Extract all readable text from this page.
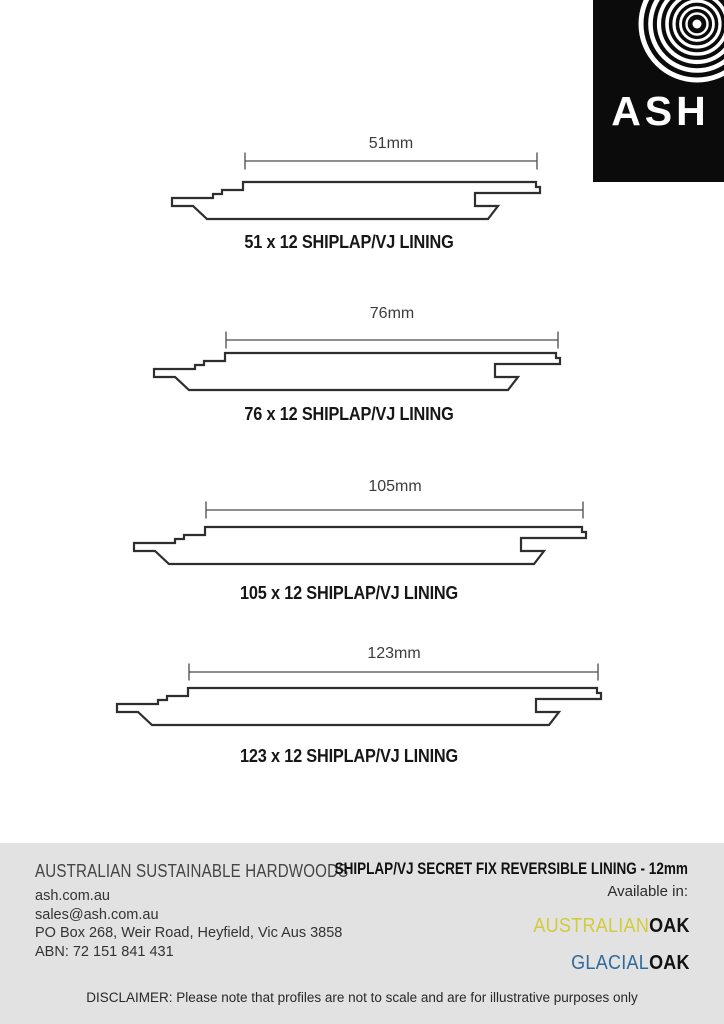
51mm
51 x 12 SHIPLAP/VJ LINING
76mm
76 x 12 SHIPLAP/VJ LINING
105mm
105 x 12 SHIPLAP/VJ LINING
123mm
123 x 12 SHIPLAP/VJ LINING
ASH
AUSTRALIAN SUSTAINABLE HARDWOODS
ash.com.au
sales@ash.com.au
PO Box 268, Weir Road, Heyfield, Vic Aus 3858
ABN: 72 151 841 431
SHIPLAP/VJ SECRET FIX REVERSIBLE LINING - 12mm
Available in:
AUSTRALIANOAK
GLACIALOAK
DISCLAIMER: Please note that profiles are not to scale and are for illustrative purposes only
